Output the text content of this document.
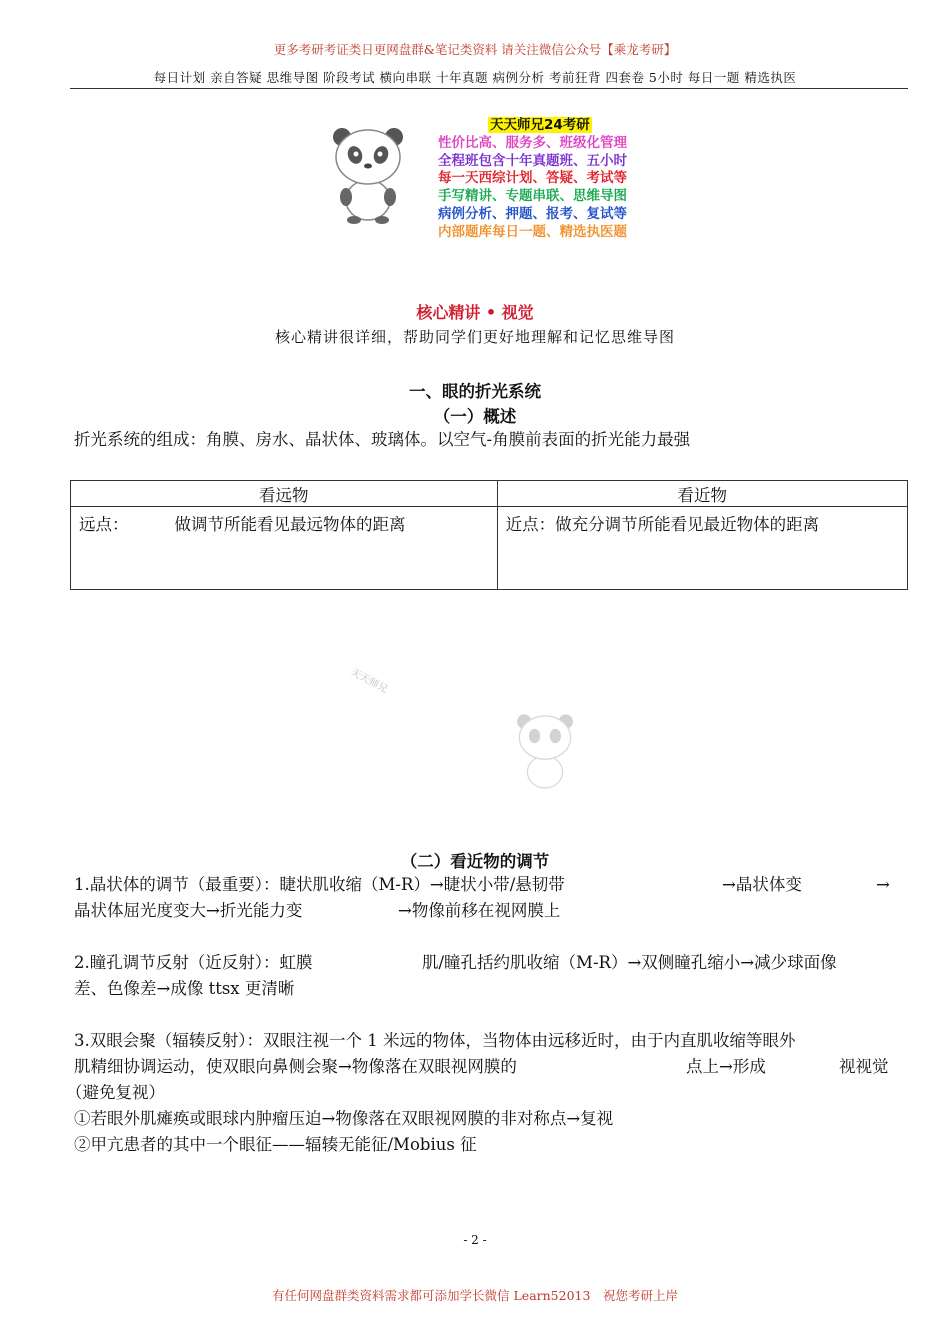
更多考研考证类日更网盘群&笔记类资料 请关注微信公众号【乘龙考研】
每日计划 亲自答疑 思维导图 阶段考试 横向串联 十年真题 病例分析 考前狂背 四套卷 5小时 每日一题 精选执医
天天师兄24考研
性价比高、服务多、班级化管理
全程班包含十年真题班、五小时
每一天西综计划、答疑、考试等
手写精讲、专题串联、思维导图
病例分析、押题、报考、复试等
内部题库每日一题、精选执医题
核心精讲 • 视觉
核心精讲很详细，帮助同学们更好地理解和记忆思维导图
一、眼的折光系统
（一）概述
折光系统的组成：角膜、房水、晶状体、玻璃体。以空气-角膜前表面的折光能力最强
看远物	看近物
远点： 做调节所能看见最远物体的距离	近点：做充分调节所能看见最近物体的距离
天天师兄
（二）看近物的调节
1.晶状体的调节（最重要）：睫状肌收缩（M-R）→睫状小带/悬韧带	→晶状体变	→
晶状体屈光度变大→折光能力变	→物像前移在视网膜上
2.瞳孔调节反射（近反射）：虹膜	肌/瞳孔括约肌收缩（M-R）→双侧瞳孔缩小→减少球面像
差、色像差→成像 ttsx 更清晰
3.双眼会聚（辐辏反射）：双眼注视一个 1 米远的物体，当物体由远移近时，由于内直肌收缩等眼外
肌精细协调运动，使双眼向鼻侧会聚→物像落在双眼视网膜的	点上→形成	视视觉
（避免复视）
①若眼外肌瘫痪或眼球内肿瘤压迫→物像落在双眼视网膜的非对称点→复视
②甲亢患者的其中一个眼征——辐辏无能征/Mobius 征
- 2 -
有任何网盘群类资料需求都可添加学长微信 Learn52013　祝您考研上岸
